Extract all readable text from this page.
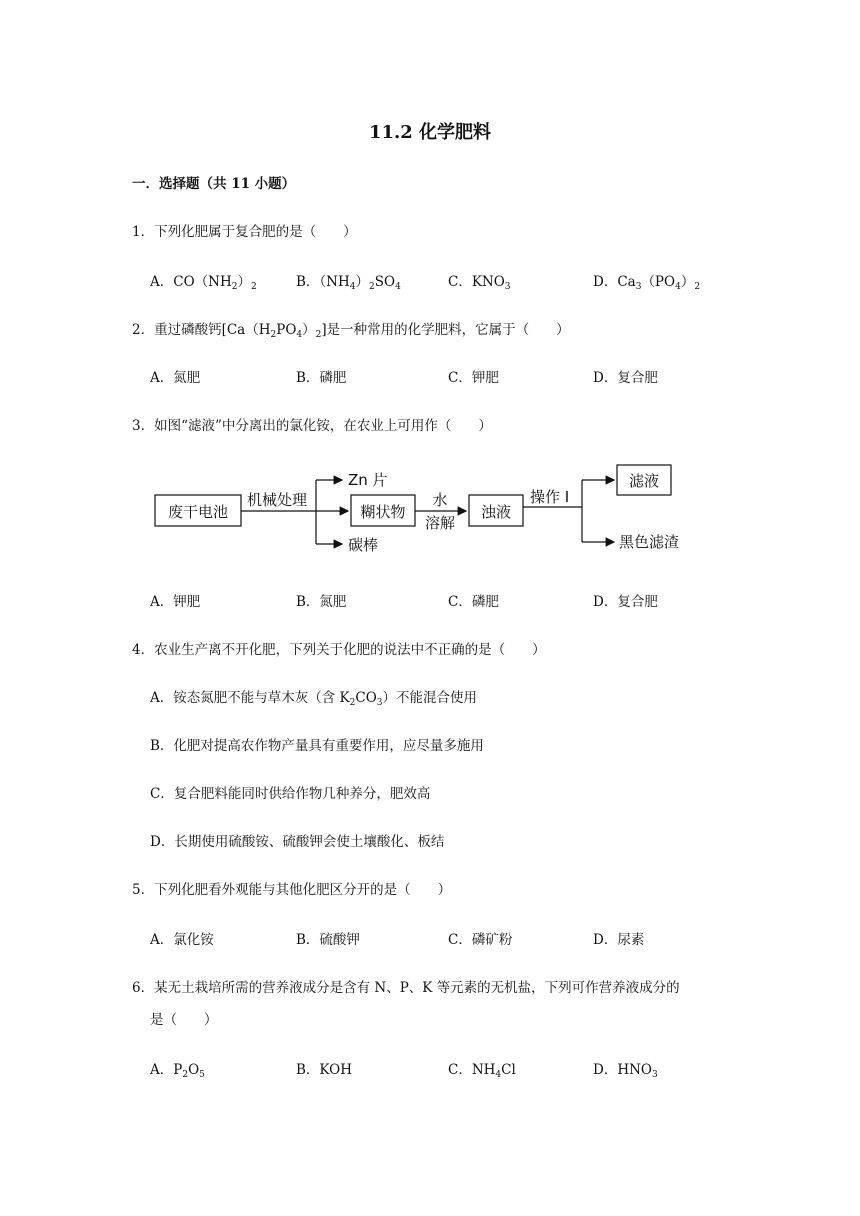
11.2 化学肥料
一．选择题（共 11 小题）
1．下列化肥属于复合肥的是（　　）
A．$CO(NH_2)_2$	B．$(NH_4)_2SO_4$	C．$KNO_3$	D．$Ca_3(PO_4)_2$
2．重过磷酸钙$[Ca(H_2PO_4)_2]$是一种常用的化学肥料，它属于（　　）
A．氮肥	B．磷肥	C．钾肥	D．复合肥
3．如图“滤液”中分离出的氯化铵，在农业上可用作（　　）
废干电池
机械处理
Zn 片
碳棒
糊状物
水
溶解
浊液
操作 I
滤液
黑色滤渣
A．钾肥	B．氮肥	C．磷肥	D．复合肥
4．农业生产离不开化肥，下列关于化肥的说法中不正确的是（　　）
A．铵态氮肥不能与草木灰（含 $K_2CO_3$）不能混合使用
B．化肥对提高农作物产量具有重要作用，应尽量多施用
C．复合肥料能同时供给作物几种养分，肥效高
D．长期使用硫酸铵、硫酸钾会使土壤酸化、板结
5．下列化肥看外观能与其他化肥区分开的是（　　）
A．氯化铵	B．硫酸钾	C．磷矿粉	D．尿素
6．某无土栽培所需的营养液成分是含有 N、P、K 等元素的无机盐，下列可作营养液成分的
是（　　）
A．$P_2O_5$	B．KOH	C．$NH_4Cl$	D．$HNO_3$
